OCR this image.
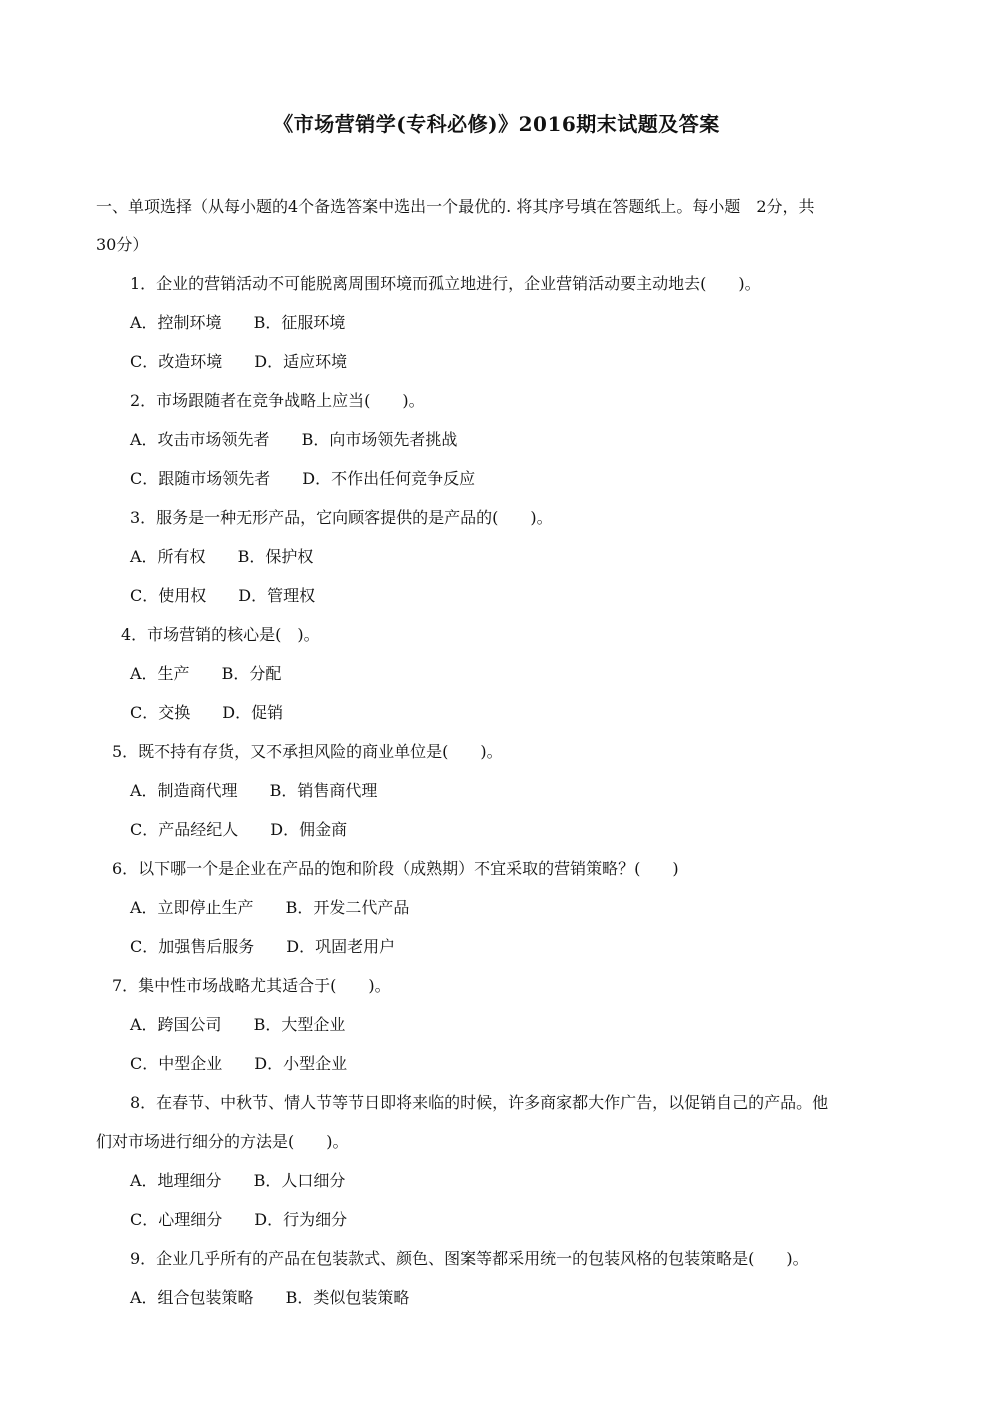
《市场营销学(专科必修)》2016期末试题及答案
一、单项选择（从每小题的4个备选答案中选出一个最优的. 将其序号填在答题纸上。每小题　2分，共
30分）
1．企业的营销活动不可能脱离周围环境而孤立地进行，企业营销活动要主动地去(　　)。
A．控制环境 B．征服环境
C．改造环境 D．适应环境
2．市场跟随者在竞争战略上应当(　　)。
A．攻击市场领先者 B．向市场领先者挑战
C．跟随市场领先者 D．不作出任何竞争反应
3．服务是一种无形产品，它向顾客提供的是产品的(　　)。
A．所有权 B．保护权
C．使用权 D．管理权
4．市场营销的核心是(　)。
A．生产 B．分配
C．交换 D．促销
5．既不持有存货，又不承担风险的商业单位是(　　)。
A．制造商代理 B．销售商代理
C．产品经纪人 D．佣金商
6．以下哪一个是企业在产品的饱和阶段（成熟期）不宜采取的营销策略？(　　)
A．立即停止生产 B．开发二代产品
C．加强售后服务 D．巩固老用户
7．集中性市场战略尤其适合于(　　)。
A．跨国公司 B．大型企业
C．中型企业 D．小型企业
8．在春节、中秋节、情人节等节日即将来临的时候，许多商家都大作广告，以促销自己的产品。他
们对市场进行细分的方法是(　　)。
A．地理细分 B．人口细分
C．心理细分 D．行为细分
9．企业几乎所有的产品在包装款式、颜色、图案等都采用统一的包装风格的包装策略是(　　)。
A．组合包装策略 B．类似包装策略
